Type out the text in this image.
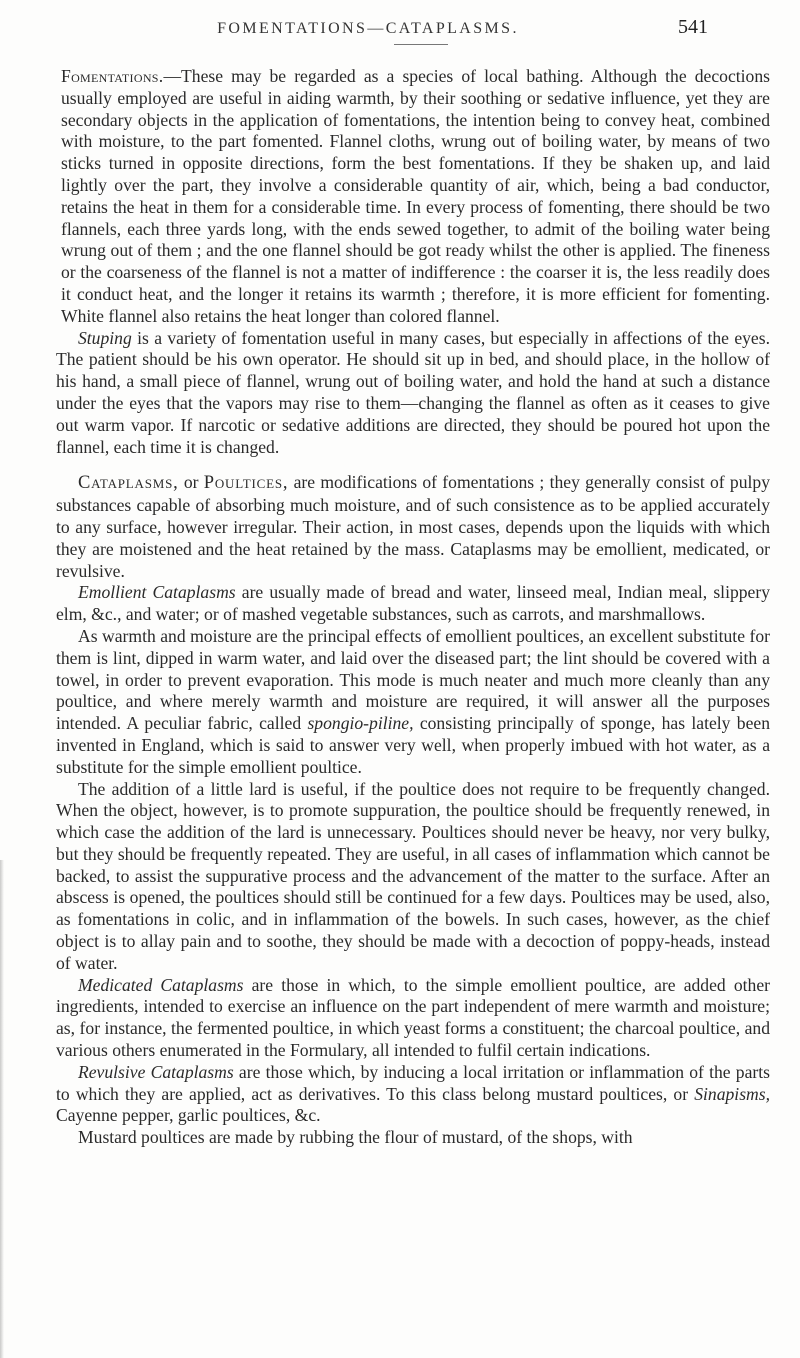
FOMENTATIONS—CATAPLASMS.	541

Fomentations.—These may be regarded as a species of local bathing. Although the decoctions usually employed are useful in aiding warmth, by their soothing or sedative influence, yet they are secondary objects in the application of fomentations, the intention being to convey heat, combined with moisture, to the part fomented. Flannel cloths, wrung out of boiling water, by means of two sticks turned in opposite directions, form the best fomentations. If they be shaken up, and laid lightly over the part, they involve a considerable quantity of air, which, being a bad conductor, retains the heat in them for a considerable time. In every process of fomenting, there should be two flannels, each three yards long, with the ends sewed together, to admit of the boiling water being wrung out of them ; and the one flannel should be got ready whilst the other is applied. The fineness or the coarseness of the flannel is not a matter of indifference : the coarser it is, the less readily does it conduct heat, and the longer it retains its warmth ; therefore, it is more efficient for fomenting. White flannel also retains the heat longer than colored flannel.

Stuping is a variety of fomentation useful in many cases, but especially in affections of the eyes. The patient should be his own operator. He should sit up in bed, and should place, in the hollow of his hand, a small piece of flannel, wrung out of boiling water, and hold the hand at such a distance under the eyes that the vapors may rise to them—changing the flannel as often as it ceases to give out warm vapor. If narcotic or sedative additions are directed, they should be poured hot upon the flannel, each time it is changed.

Cataplasms, or Poultices, are modifications of fomentations ; they generally consist of pulpy substances capable of absorbing much moisture, and of such consistence as to be applied accurately to any surface, however irregular. Their action, in most cases, depends upon the liquids with which they are moistened and the heat retained by the mass. Cataplasms may be emollient, medicated, or revulsive.

Emollient Cataplasms are usually made of bread and water, linseed meal, Indian meal, slippery elm, &c., and water; or of mashed vegetable substances, such as carrots, and marshmallows.

As warmth and moisture are the principal effects of emollient poultices, an excellent substitute for them is lint, dipped in warm water, and laid over the diseased part; the lint should be covered with a towel, in order to prevent evaporation. This mode is much neater and much more cleanly than any poultice, and where merely warmth and moisture are required, it will answer all the purposes intended. A peculiar fabric, called spongio-piline, consisting principally of sponge, has lately been invented in England, which is said to answer very well, when properly imbued with hot water, as a substitute for the simple emollient poultice.

The addition of a little lard is useful, if the poultice does not require to be frequently changed. When the object, however, is to promote suppuration, the poultice should be frequently renewed, in which case the addition of the lard is unnecessary. Poultices should never be heavy, nor very bulky, but they should be frequently repeated. They are useful, in all cases of inflammation which cannot be backed, to assist the suppurative process and the advancement of the matter to the surface. After an abscess is opened, the poultices should still be continued for a few days. Poultices may be used, also, as fomentations in colic, and in inflammation of the bowels. In such cases, however, as the chief object is to allay pain and to soothe, they should be made with a decoction of poppy-heads, instead of water.

Medicated Cataplasms are those in which, to the simple emollient poultice, are added other ingredients, intended to exercise an influence on the part independent of mere warmth and moisture; as, for instance, the fermented poultice, in which yeast forms a constituent; the charcoal poultice, and various others enumerated in the Formulary, all intended to fulfil certain indications.

Revulsive Cataplasms are those which, by inducing a local irritation or inflammation of the parts to which they are applied, act as derivatives. To this class belong mustard poultices, or Sinapisms, Cayenne pepper, garlic poultices, &c.

Mustard poultices are made by rubbing the flour of mustard, of the shops, with
